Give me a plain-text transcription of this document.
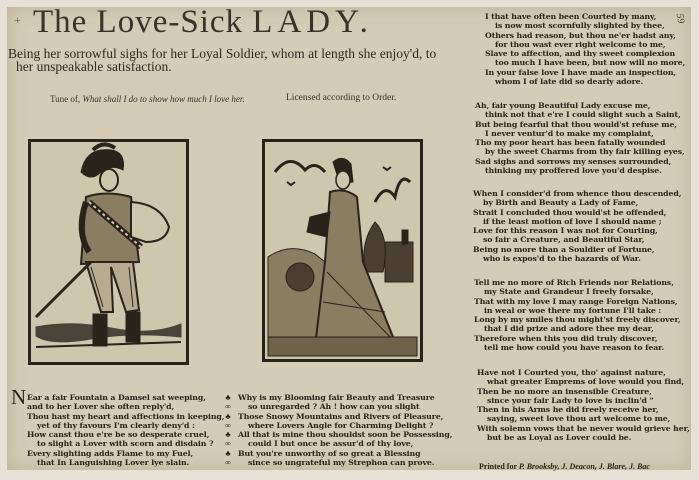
+ The Love-Sick LADY.	59
Being her sorrowful sighs for her Loyal Soldier, whom at length she enjoy'd, to
her unspeakable satisfaction.
Tune of, What shall I do to show how much I love her.	Licensed according to Order.
I that have often been Courted by many,
is now most scornfully slighted by thee,
Others had reason, but thou ne'er hadst any,
for thou wast ever right welcome to me,
Slave to affection, and thy sweet complexion
too much I have been, but now will no more,
In your false love I have made an inspection,
whom I of late did so dearly adore.
Ah, fair young Beautiful Lady excuse me,
think not that e're I could slight such a Saint,
But being fearful that thou would'st refuse me,
I never ventur'd to make my complaint,
Tho my poor heart has been fatally wounded
by the sweet Charms from thy fair killing eyes,
Sad sighs and sorrows my senses surrounded,
thinking my proffered love you'd despise.
When I consider'd from whence thou descended,
by Birth and Beauty a Lady of Fame,
Strait I concluded thou would'st be offended,
if the least motion of love I should name ;
Love for this reason I was not for Courting,
so fair a Creature, and Beautiful Star,
Being no more than a Souldier of Fortune,
who is expos'd to the hazards of War.
Tell me no more of Rich Friends nor Relations,
my State and Grandeur I freely forsake,
That with my love I may range Foreign Nations,
in weal or woe there my fortune I'll take :
Long by my smiles thou might'st freely discover,
that I did prize and adore thee my dear,
Therefore when this you did truly discover,
tell me how could you have reason to fear.
Have not I Courted you, tho' against nature,
what greater Emprems of love would you find,
Then be no more an insensible Creature,
since your fair Lady to love is inclin'd "
Then in his Arms he did freely receive her,
saying, sweet love thou art welcome to me,
With solemn vows that he never would grieve her,
but be as Loyal as Lover could be.
N Ear a fair Fountain a Damsel sat weeping,
and to her Lover she often reply'd,
Thou hast my heart and affections in keeping,
yet of thy favours I'm clearly deny'd :
How canst thou e're be so desperate cruel,
to slight a Lover with scorn and disdain ?
Every slighting adds Flame to my Fuel,
that In Languishing Lover lye slain.
♣
∞
♣
∞
♣
∞
♣
∞
Why is my Blooming fair Beauty and Treasure
so unregarded ? Ah ! how can you slight
Those Snowy Mountains and Rivers of Pleasure,
where Lovers Angle for Charming Delight ?
All that is mine thou shouldst soon be Possessing,
could I but once be assur'd of thy love,
But you're unworthy of so great a Blessing
since so ungrateful my Strephon can prove.	Printed for P. Brooksby, J. Deacon, J. Blare, J. Bac
